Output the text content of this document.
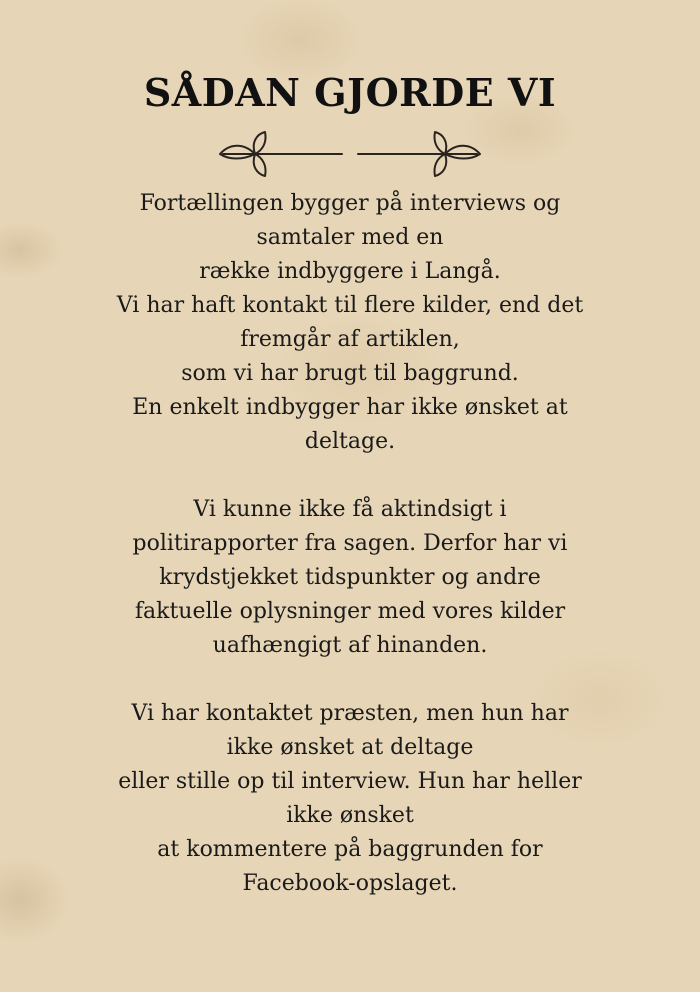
SÅDAN GJORDE VI

Fortællingen bygger på interviews og
samtaler med en
række indbyggere i Langå.
Vi har haft kontakt til flere kilder, end det
fremgår af artiklen,
som vi har brugt til baggrund.
En enkelt indbygger har ikke ønsket at
deltage.

Vi kunne ikke få aktindsigt i
politirapporter fra sagen. Derfor har vi
krydstjekket tidspunkter og andre
faktuelle oplysninger med vores kilder
uafhængigt af hinanden.

Vi har kontaktet præsten, men hun har
ikke ønsket at deltage
eller stille op til interview. Hun har heller
ikke ønsket
at kommentere på baggrunden for
Facebook-opslaget.
